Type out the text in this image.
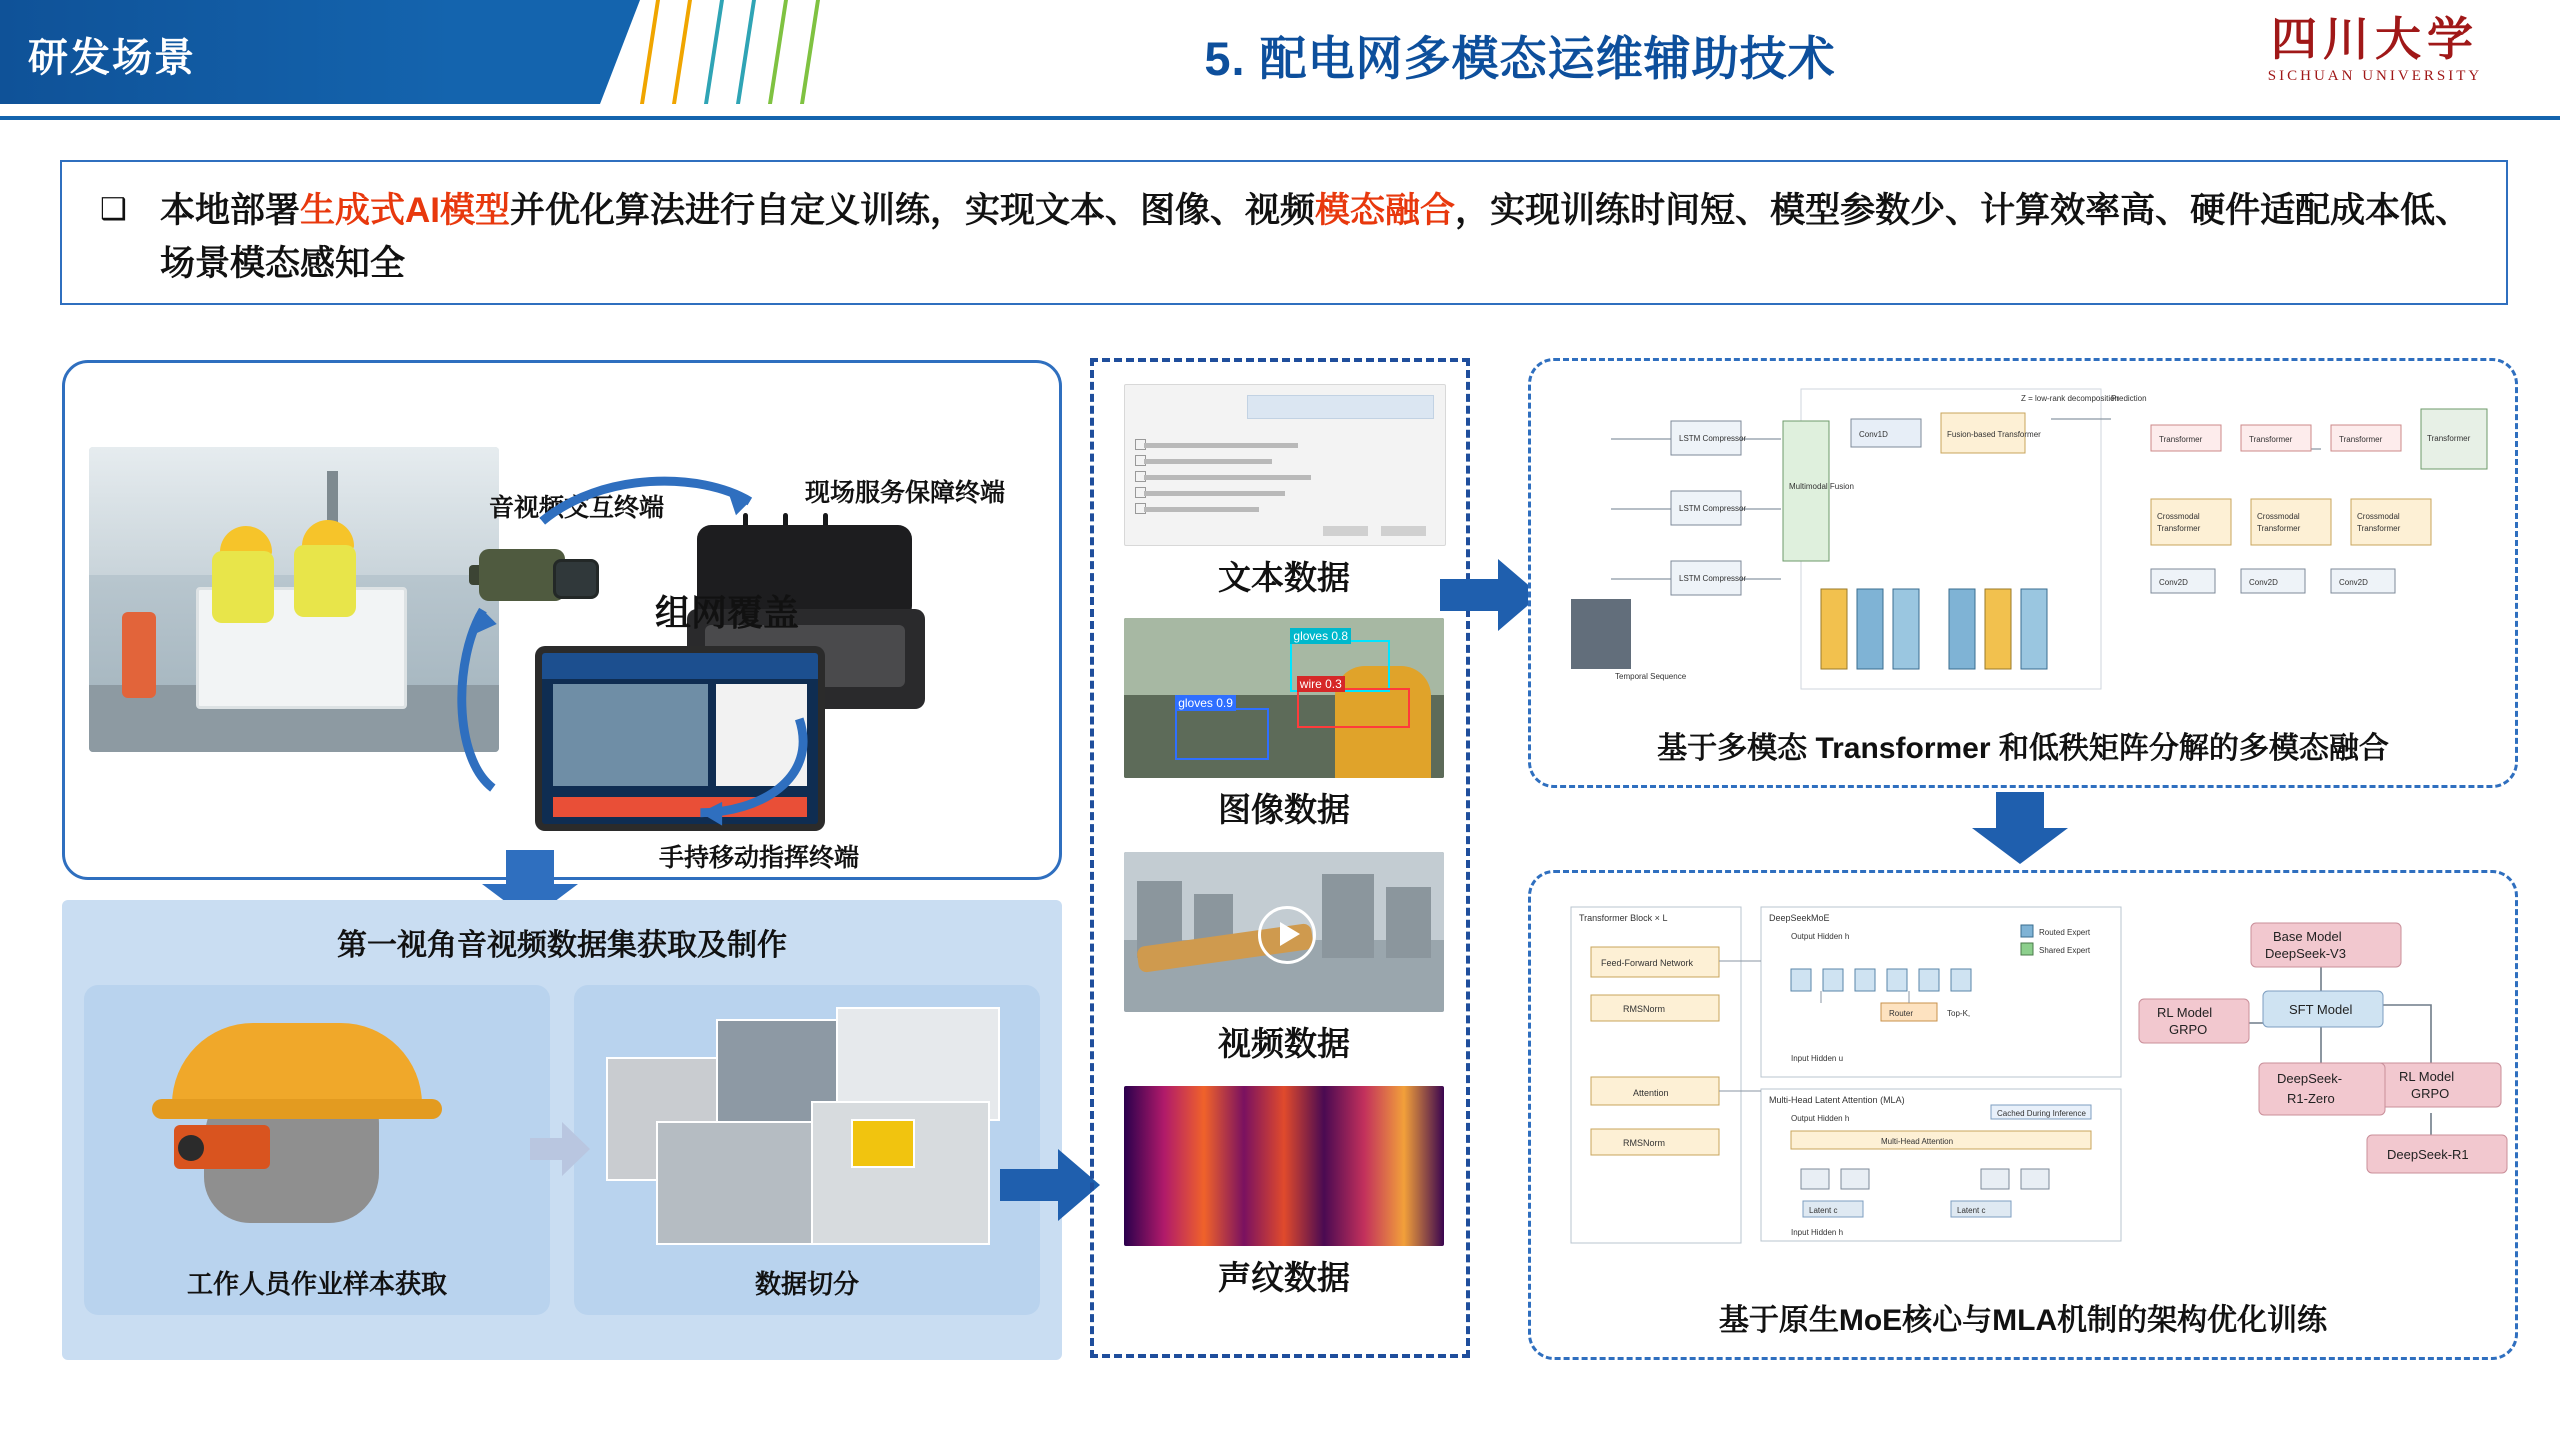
研发场景	5. 配电网多模态运维辅助技术	四川大学
SICHUAN UNIVERSITY
❑ 本地部署生成式AI模型并优化算法进行自定义训练，实现文本、图像、视频模态融合，实现训练时间短、模型参数少、计算效率高、硬件适配成本低、场景模态感知全
音视频交互终端
现场服务保障终端
手持移动指挥终端
组网覆盖
第一视角音视频数据集获取及制作
工作人员作业样本获取	数据切分
文本数据
gloves 0.8
wire 0.3
gloves 0.9
图像数据
视频数据
声纹数据
LSTM Compressor
LSTM Compressor
LSTM Compressor
Multimodal Fusion
Conv1D	Fusion-based Transformer
Transformer	Transformer	Transformer
Crossmodal
Transformer
Crossmodal
Transformer
Crossmodal
Transformer
Conv2D	Conv2D	Conv2D
Transformer
Z = low-rank decomposition
Temporal Sequence
Prediction
基于多模态 Transformer 和低秩矩阵分解的多模态融合
Transformer Block × L
Feed-Forward Network
RMSNorm
Attention
RMSNorm
DeepSeekMoE
Output Hidden h	Routed Expert
Shared Expert
Router	Top-K,
Input Hidden u
Multi-Head Latent Attention (MLA)
Output Hidden h
Multi-Head Attention
Cached During Inference
Latent c	Latent c
Input Hidden h
Base Model
DeepSeek-V3
RL Model
GRPO
SFT Model
RL Model
GRPO
DeepSeek-
R1-Zero
DeepSeek-R1
基于原生MoE核心与MLA机制的架构优化训练
